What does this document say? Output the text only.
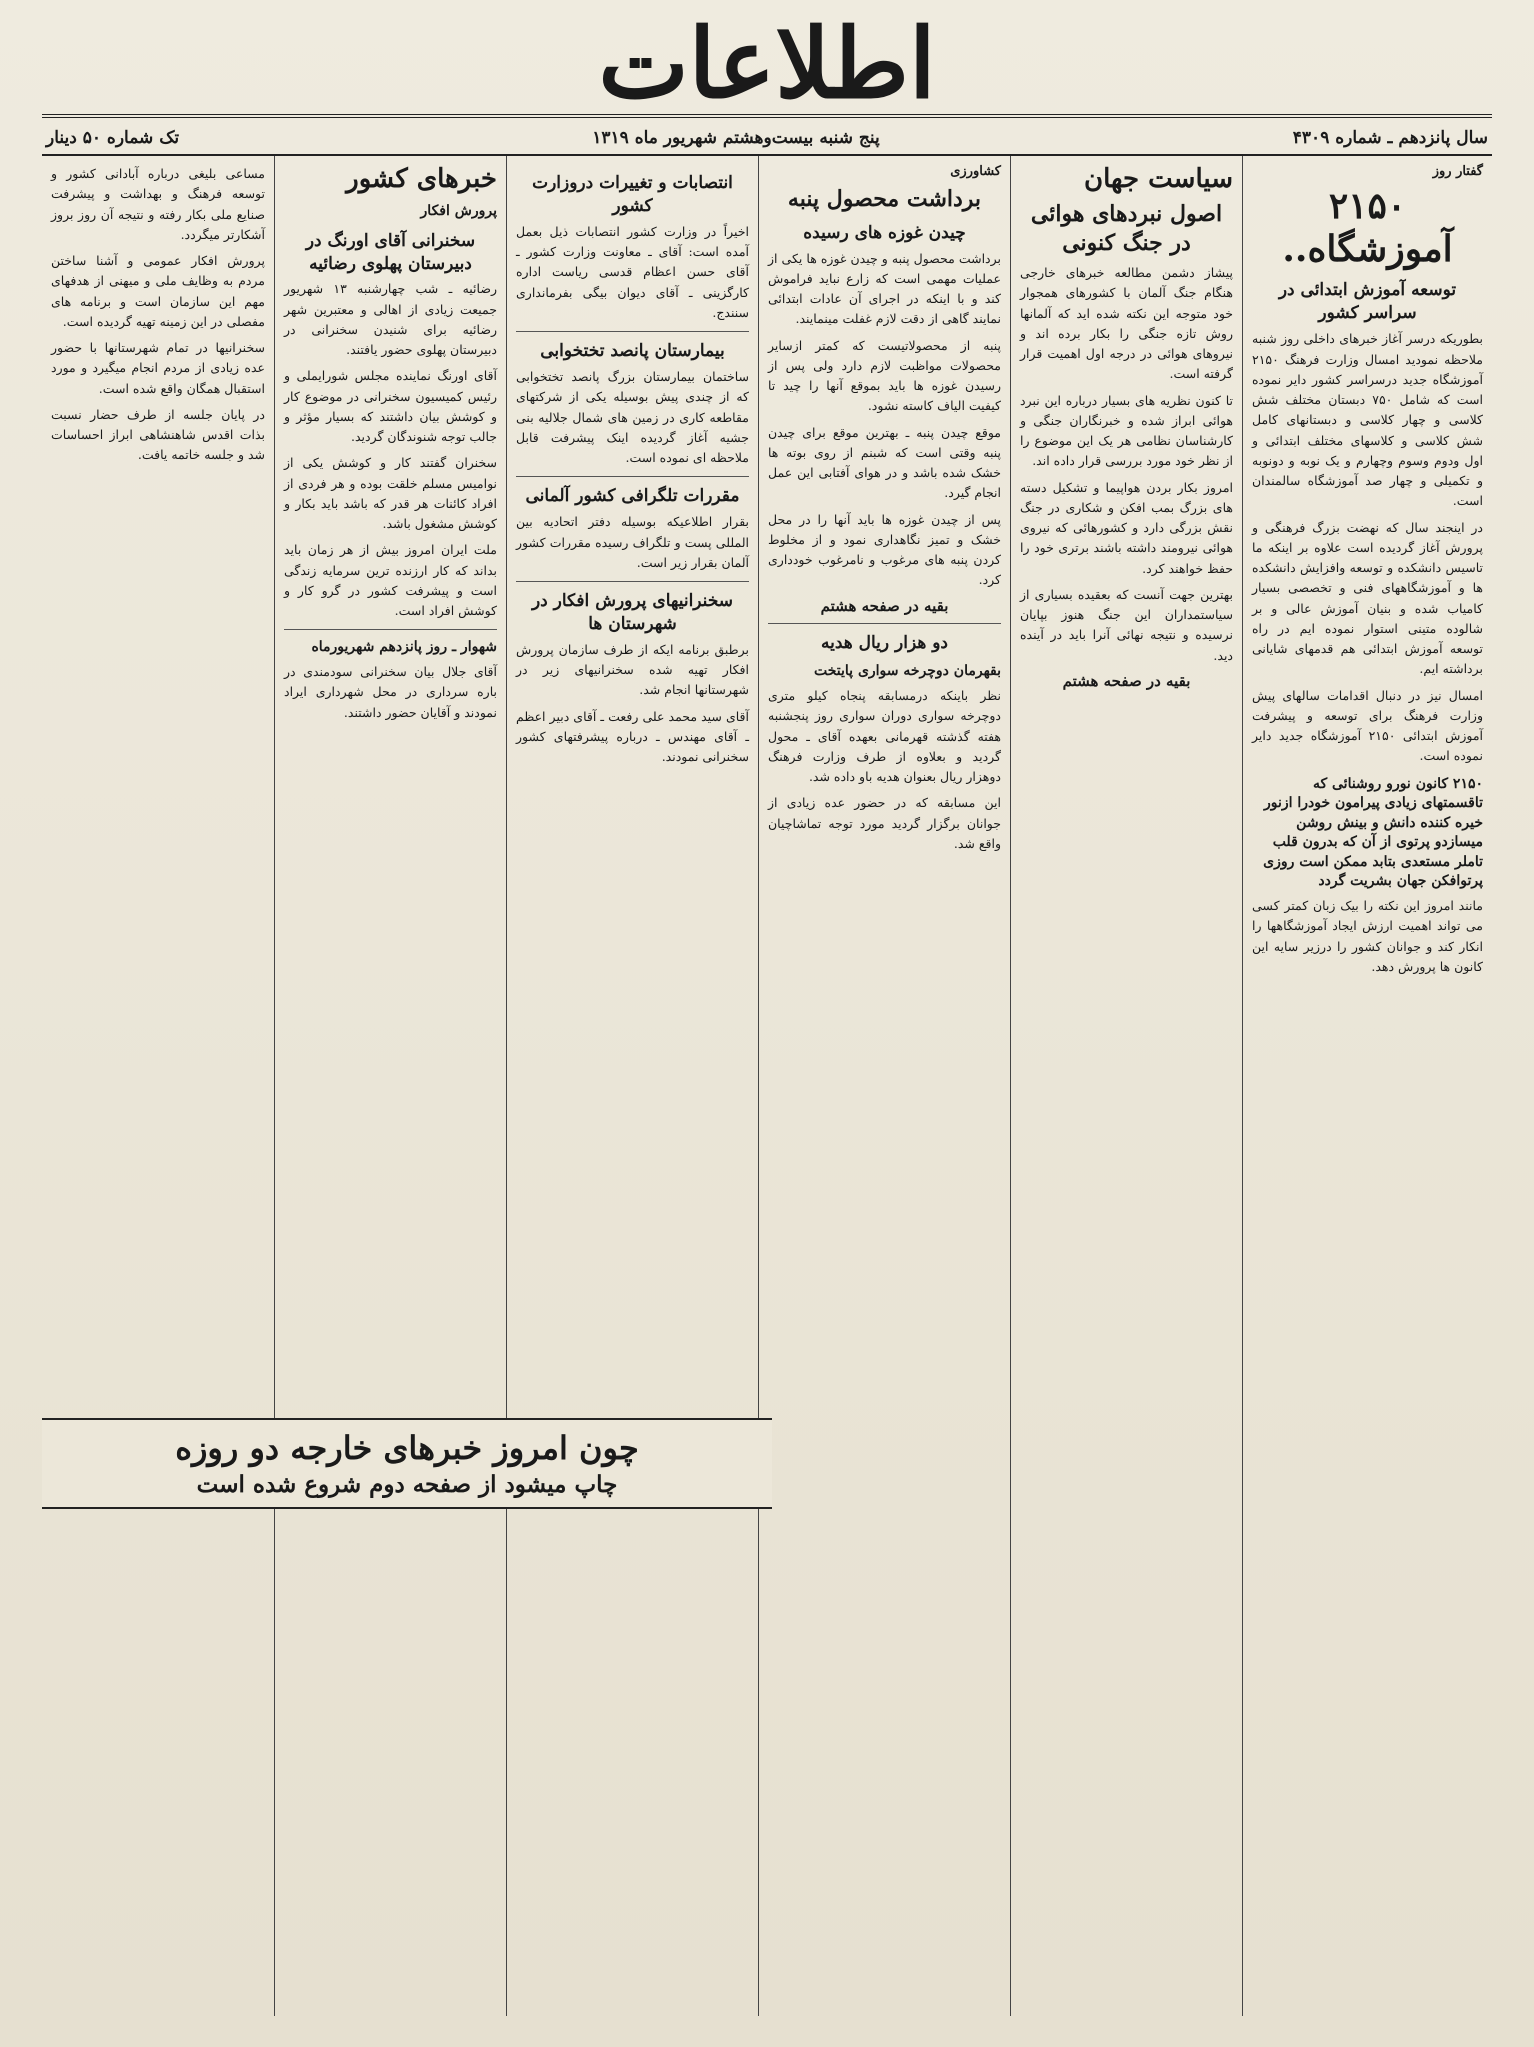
اطلاعات
سال پانزدهم ـ شماره ۴۳۰۹
پنج شنبه بیست‌وهشتم شهریور ماه ۱۳۱۹
تک شماره ۵۰ دینار
گفتار روز
۲۱۵۰ آموزشگاه..
توسعه آموزش ابتدائی در سراسر کشور

بطوریکه درسر آغاز خبرهای داخلی روز شنبه ملاحظه نمودید امسال وزارت فرهنگ ۲۱۵۰ آموزشگاه جدید درسراسر کشور دایر نموده است که شامل ۷۵۰ دبستان مختلف شش کلاسی و چهار کلاسی و دبستانهای کامل شش کلاسی و کلاسهای مختلف ابتدائی و اول ودوم وسوم وچهارم و یک نوبه و دونوبه و تکمیلی و چهار صد آموزشگاه سالمندان است.

در اینجند سال که نهضت بزرگ فرهنگی و پرورش آغاز گردیده است علاوه بر اینکه ما تاسیس دانشکده و توسعه وافزایش دانشکده ها و آموزشگاههای فنی و تخصصی بسیار کامیاب شده و بنیان آموزش عالی و بر شالوده متینی استوار نموده ایم در راه توسعه آموزش ابتدائی هم قدمهای شایانی برداشته ایم.

امسال نیز در دنبال اقدامات سالهای پیش وزارت فرهنگ برای توسعه و پیشرفت آموزش ابتدائی ۲۱۵۰ آموزشگاه جدید دایر نموده است.

۲۱۵۰ کانون نورو روشنائی که تاقسمتهای زیادی پیرامون خودرا ازنور خیره کننده دانش و بینش روشن میسازدو پرتوی از آن که بدرون قلب تاملر مستعدی بتابد ممکن است روزی پرتوافکن جهان بشریت گردد

مانند امروز این نکته را بیک زبان کمتر کسی می تواند اهمیت ارزش ایجاد آموزشگاهها را انکار کند و جوانان کشور را درزیر سایه این کانون ها پرورش دهد.

سیاست جهان
اصول نبردهای هوائی در جنگ کنونی

پیشاز دشمن مطالعه خبرهای خارجی هنگام جنگ آلمان با کشورهای همجوار خود متوجه این نکته شده اید که آلمانها روش تازه جنگی را بکار برده اند و نیروهای هوائی در درجه اول اهمیت قرار گرفته است.

تا کنون نظریه های بسیار درباره این نبرد هوائی ابراز شده و خبرنگاران جنگی و کارشناسان نظامی هر یک این موضوع را از نظر خود مورد بررسی قرار داده اند.

امروز بکار بردن هواپیما و تشکیل دسته های بزرگ بمب افکن و شکاری در جنگ نقش بزرگی دارد و کشورهائی که نیروی هوائی نیرومند داشته باشند برتری خود را حفظ خواهند کرد.

بهترین جهت آنست که بعقیده بسیاری از سیاستمداران این جنگ هنوز بپایان نرسیده و نتیجه نهائی آنرا باید در آینده دید.

بقیه در صفحه هشتم
کشاورزی
برداشت محصول پنبه
چیدن غوزه های رسیده

برداشت محصول پنبه و چیدن غوزه ها یکی از عملیات مهمی است که زارع نباید فراموش کند و با اینکه در اجرای آن عادات ابتدائی نمایند گاهی از دقت لازم غفلت مینمایند.

پنبه از محصولاتیست که کمتر ازسایر محصولات مواظبت لازم دارد ولی پس از رسیدن غوزه ها باید بموقع آنها را چید تا کیفیت الیاف کاسته نشود.

موقع چیدن پنبه ـ بهترین موقع برای چیدن پنبه وقتی است که شبنم از روی بوته ها خشک شده باشد و در هوای آفتابی این عمل انجام گیرد.

پس از چیدن غوزه ها باید آنها را در محل خشک و تمیز نگاهداری نمود و از مخلوط کردن پنبه های مرغوب و نامرغوب خودداری کرد.

بقیه در صفحه هشتم
دو هزار ریال هدیه
بقهرمان دوچرخه سواری پایتخت

نظر باینکه درمسابقه پنجاه کیلو متری دوچرخه سواری دوران سواری روز پنجشنبه هفته گذشته قهرمانی بعهده آقای ـ محول گردید و بعلاوه از طرف وزارت فرهنگ دوهزار ریال بعنوان هدیه باو داده شد.

این مسابقه که در حضور عده زیادی از جوانان برگزار گردید مورد توجه تماشاچیان واقع شد.

انتصابات و تغییرات دروزارت کشور

اخیراً در وزارت کشور انتصابات ذیل بعمل آمده است: آقای ـ معاونت وزارت کشور ـ آقای حسن اعظام قدسی ریاست اداره کارگزینی ـ آقای دیوان بیگی بفرمانداری سنندج.

بیمارستان پانصد تختخوابی

ساختمان بیمارستان بزرگ پانصد تختخوابی که از چندی پیش بوسیله یکی از شرکتهای مقاطعه کاری در زمین های شمال جلالیه بنی جشیه آغاز گردیده اینک پیشرفت قابل ملاحظه ای نموده است.

مقررات تلگرافی کشور آلمانی

بقرار اطلاعیکه بوسیله دفتر اتحادیه بین المللی پست و تلگراف رسیده مقررات کشور آلمان بقرار زیر است.

سخنرانیهای پرورش افکار در شهرستان ها

برطبق برنامه ایکه از طرف سازمان پرورش افکار تهیه شده سخنرانیهای زیر در شهرستانها انجام شد.

آقای سید محمد علی رفعت ـ آقای دبیر اعظم ـ آقای مهندس ـ درباره پیشرفتهای کشور سخنرانی نمودند.

خبرهای کشور
پرورش افکار
سخنرانی آقای اورنگ در دبیرستان پهلوی رضائیه

رضائیه ـ شب چهارشنبه ۱۳ شهریور جمیعت زیادی از اهالی و معتبرین شهر رضائیه برای شنیدن سخنرانی در دبیرستان پهلوی حضور یافتند.

آقای اورنگ نماینده مجلس شورایملی و رئیس کمیسیون سخنرانی در موضوع کار و کوشش بیان داشتند که بسیار مؤثر و جالب توجه شنوندگان گردید.

سخنران گفتند کار و کوشش یکی از نوامیس مسلم خلقت بوده و هر فردی از افراد کائنات هر قدر که باشد باید بکار و کوشش مشغول باشد.

ملت ایران امروز بیش از هر زمان باید بداند که کار ارزنده ترین سرمایه زندگی است و پیشرفت کشور در گرو کار و کوشش افراد است.

شهوار ـ روز پانزدهم شهریورماه

آقای جلال بیان سخنرانی سودمندی در باره سرداری در محل شهرداری ایراد نمودند و آقایان حضور داشتند.

مساعی بلیغی درباره آبادانی کشور و توسعه فرهنگ و بهداشت و پیشرفت صنایع ملی بکار رفته و نتیجه آن روز بروز آشکارتر میگردد.

پرورش افکار عمومی و آشنا ساختن مردم به وظایف ملی و میهنی از هدفهای مهم این سازمان است و برنامه های مفصلی در این زمینه تهیه گردیده است.

سخنرانیها در تمام شهرستانها با حضور عده زیادی از مردم انجام میگیرد و مورد استقبال همگان واقع شده است.

در پایان جلسه از طرف حضار نسبت بذات اقدس شاهنشاهی ابراز احساسات شد و جلسه خاتمه یافت.

چون امروز خبرهای خارجه دو روزه
چاپ میشود از صفحه دوم شروع شده است
